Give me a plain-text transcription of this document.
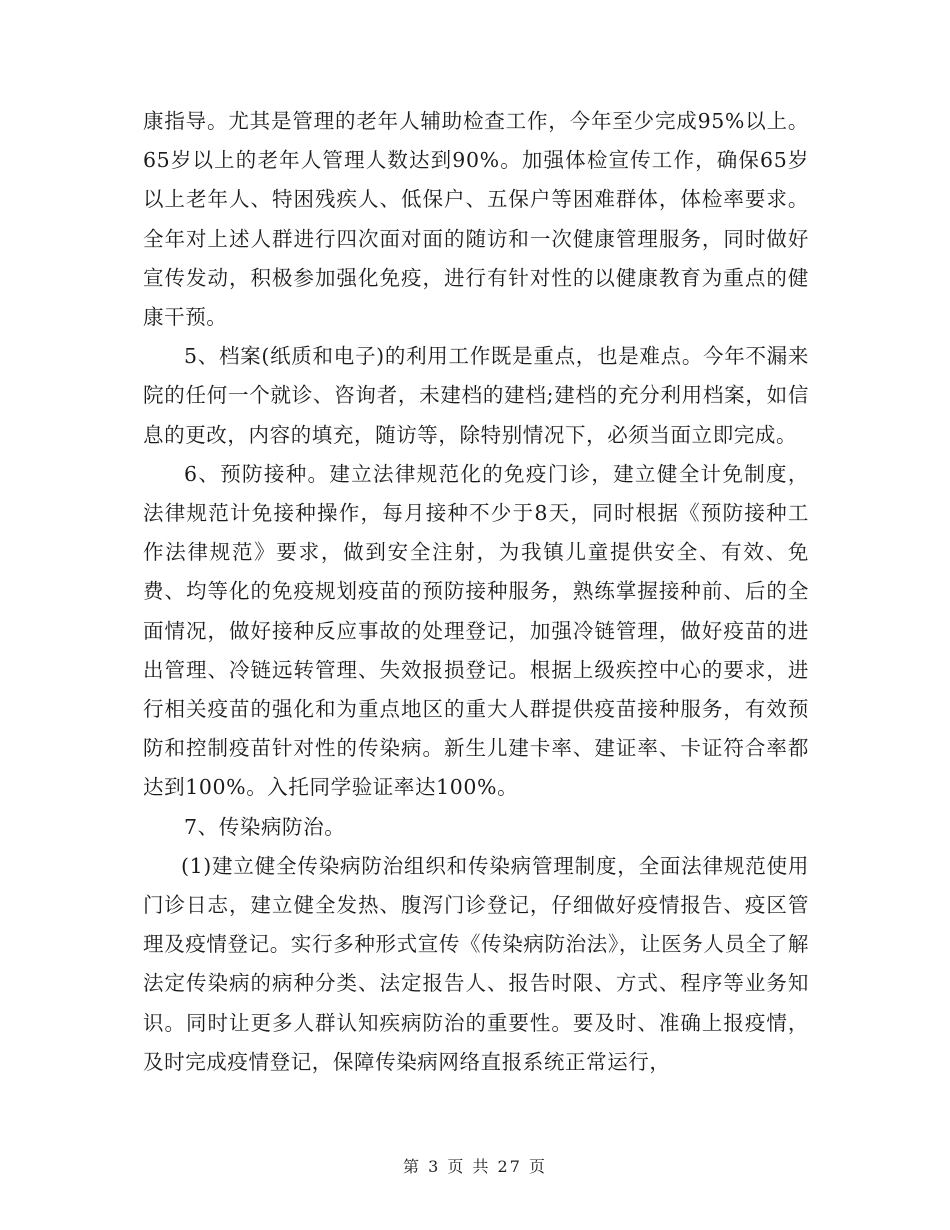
康指导。尤其是管理的老年人辅助检查工作，今年至少完成95%以上。65岁以上的老年人管理人数达到90%。加强体检宣传工作，确保65岁以上老年人、特困残疾人、低保户、五保户等困难群体，体检率要求。全年对上述人群进行四次面对面的随访和一次健康管理服务，同时做好宣传发动，积极参加强化免疫，进行有针对性的以健康教育为重点的健康干预。

5、档案(纸质和电子)的利用工作既是重点，也是难点。今年不漏来院的任何一个就诊、咨询者，未建档的建档;建档的充分利用档案，如信息的更改，内容的填充，随访等，除特别情况下，必须当面立即完成。

6、预防接种。建立法律规范化的免疫门诊，建立健全计免制度，法律规范计免接种操作，每月接种不少于8天，同时根据《预防接种工作法律规范》要求，做到安全注射，为我镇儿童提供安全、有效、免费、均等化的免疫规划疫苗的预防接种服务，熟练掌握接种前、后的全面情况，做好接种反应事故的处理登记，加强冷链管理，做好疫苗的进出管理、冷链远转管理、失效报损登记。根据上级疾控中心的要求，进行相关疫苗的强化和为重点地区的重大人群提供疫苗接种服务，有效预防和控制疫苗针对性的传染病。新生儿建卡率、建证率、卡证符合率都达到100%。入托同学验证率达100%。

7、传染病防治。

(1)建立健全传染病防治组织和传染病管理制度，全面法律规范使用门诊日志，建立健全发热、腹泻门诊登记，仔细做好疫情报告、疫区管理及疫情登记。实行多种形式宣传《传染病防治法》，让医务人员全了解法定传染病的病种分类、法定报告人、报告时限、方式、程序等业务知识。同时让更多人群认知疾病防治的重要性。要及时、准确上报疫情，及时完成疫情登记，保障传染病网络直报系统正常运行，

第 3 页 共 27 页
